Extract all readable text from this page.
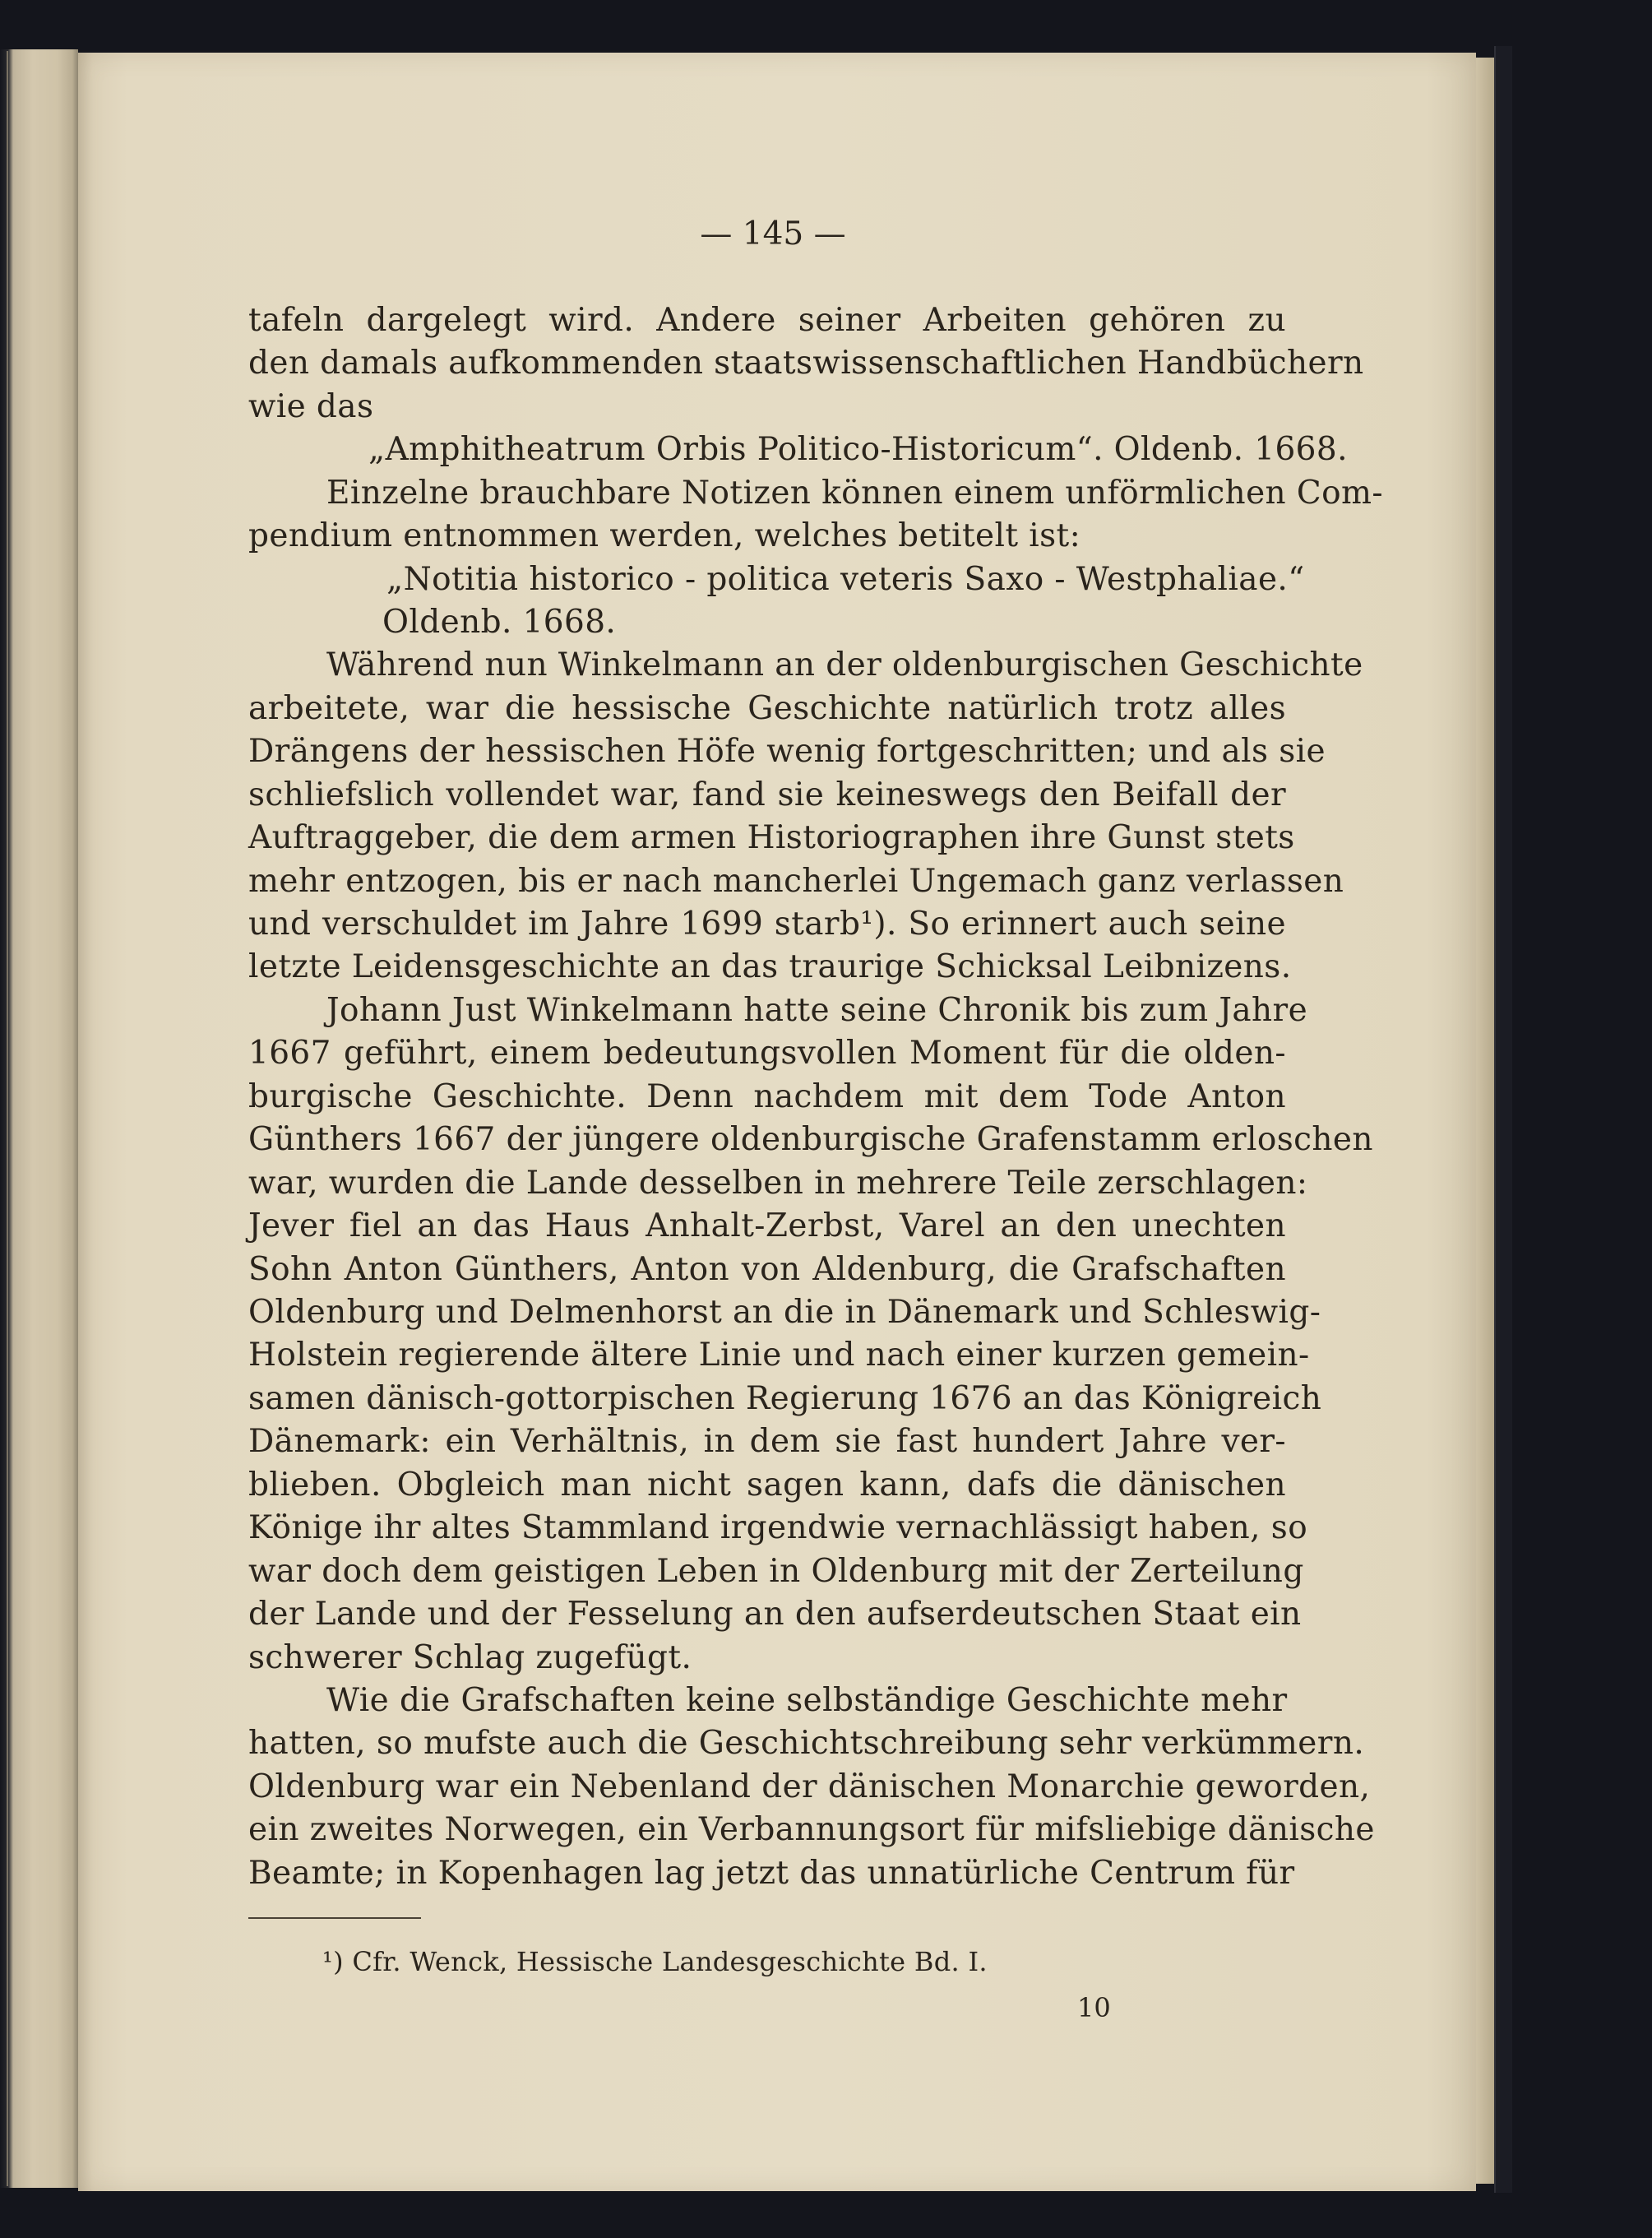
— 145 —
tafeln dargelegt wird. Andere seiner Arbeiten gehören zu
den damals aufkommenden staatswissenschaftlichen Handbüchern
wie das
„Amphitheatrum Orbis Politico-Historicum“. Oldenb. 1668.
Einzelne brauchbare Notizen können einem unförmlichen Com-
pendium entnommen werden, welches betitelt ist:
„Notitia historico - politica veteris Saxo - Westphaliae.“
Oldenb. 1668.
Während nun Winkelmann an der oldenburgischen Geschichte
arbeitete, war die hessische Geschichte natürlich trotz alles
Drängens der hessischen Höfe wenig fortgeschritten; und als sie
schliefslich vollendet war, fand sie keineswegs den Beifall der
Auftraggeber, die dem armen Historiographen ihre Gunst stets
mehr entzogen, bis er nach mancherlei Ungemach ganz verlassen
und verschuldet im Jahre 1699 starb¹). So erinnert auch seine
letzte Leidensgeschichte an das traurige Schicksal Leibnizens.
Johann Just Winkelmann hatte seine Chronik bis zum Jahre
1667 geführt, einem bedeutungsvollen Moment für die olden-
burgische Geschichte. Denn nachdem mit dem Tode Anton
Günthers 1667 der jüngere oldenburgische Grafenstamm erloschen
war, wurden die Lande desselben in mehrere Teile zerschlagen:
Jever fiel an das Haus Anhalt-Zerbst, Varel an den unechten
Sohn Anton Günthers, Anton von Aldenburg, die Grafschaften
Oldenburg und Delmenhorst an die in Dänemark und Schleswig-
Holstein regierende ältere Linie und nach einer kurzen gemein-
samen dänisch-gottorpischen Regierung 1676 an das Königreich
Dänemark: ein Verhältnis, in dem sie fast hundert Jahre ver-
blieben. Obgleich man nicht sagen kann, dafs die dänischen
Könige ihr altes Stammland irgendwie vernachlässigt haben, so
war doch dem geistigen Leben in Oldenburg mit der Zerteilung
der Lande und der Fesselung an den aufserdeutschen Staat ein
schwerer Schlag zugefügt.
Wie die Grafschaften keine selbständige Geschichte mehr
hatten, so mufste auch die Geschichtschreibung sehr verkümmern.
Oldenburg war ein Nebenland der dänischen Monarchie geworden,
ein zweites Norwegen, ein Verbannungsort für mifsliebige dänische
Beamte; in Kopenhagen lag jetzt das unnatürliche Centrum für
¹) Cfr. Wenck, Hessische Landesgeschichte Bd. I.
10
